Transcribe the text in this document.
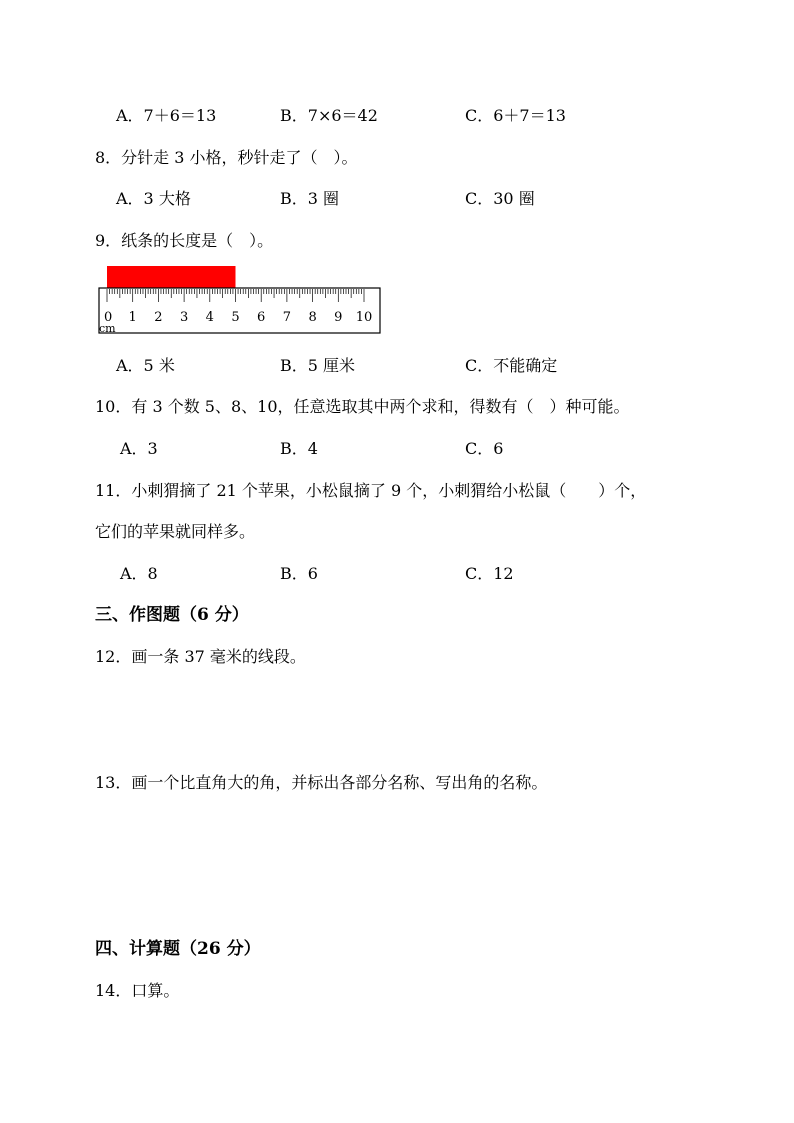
A．7＋6＝13	B．7×6＝42	C．6＋7＝13
8．分针走 3 小格，秒针走了（　）。
A．3 大格	B．3 圈	C．30 圈
9．纸条的长度是（　）。
0 1 2 3 4 5 6 7 8 9 10
cm
A．5 米	B．5 厘米	C．不能确定
10．有 3 个数 5、8、10，任意选取其中两个求和，得数有（　）种可能。
A．3	B．4	C．6
11．小刺猬摘了 21 个苹果，小松鼠摘了 9 个，小刺猬给小松鼠（　　）个，
它们的苹果就同样多。
A．8	B．6	C．12
三、作图题（6 分）
12．画一条 37 毫米的线段。
13．画一个比直角大的角，并标出各部分名称、写出角的名称。
四、计算题（26 分）
14．口算。
